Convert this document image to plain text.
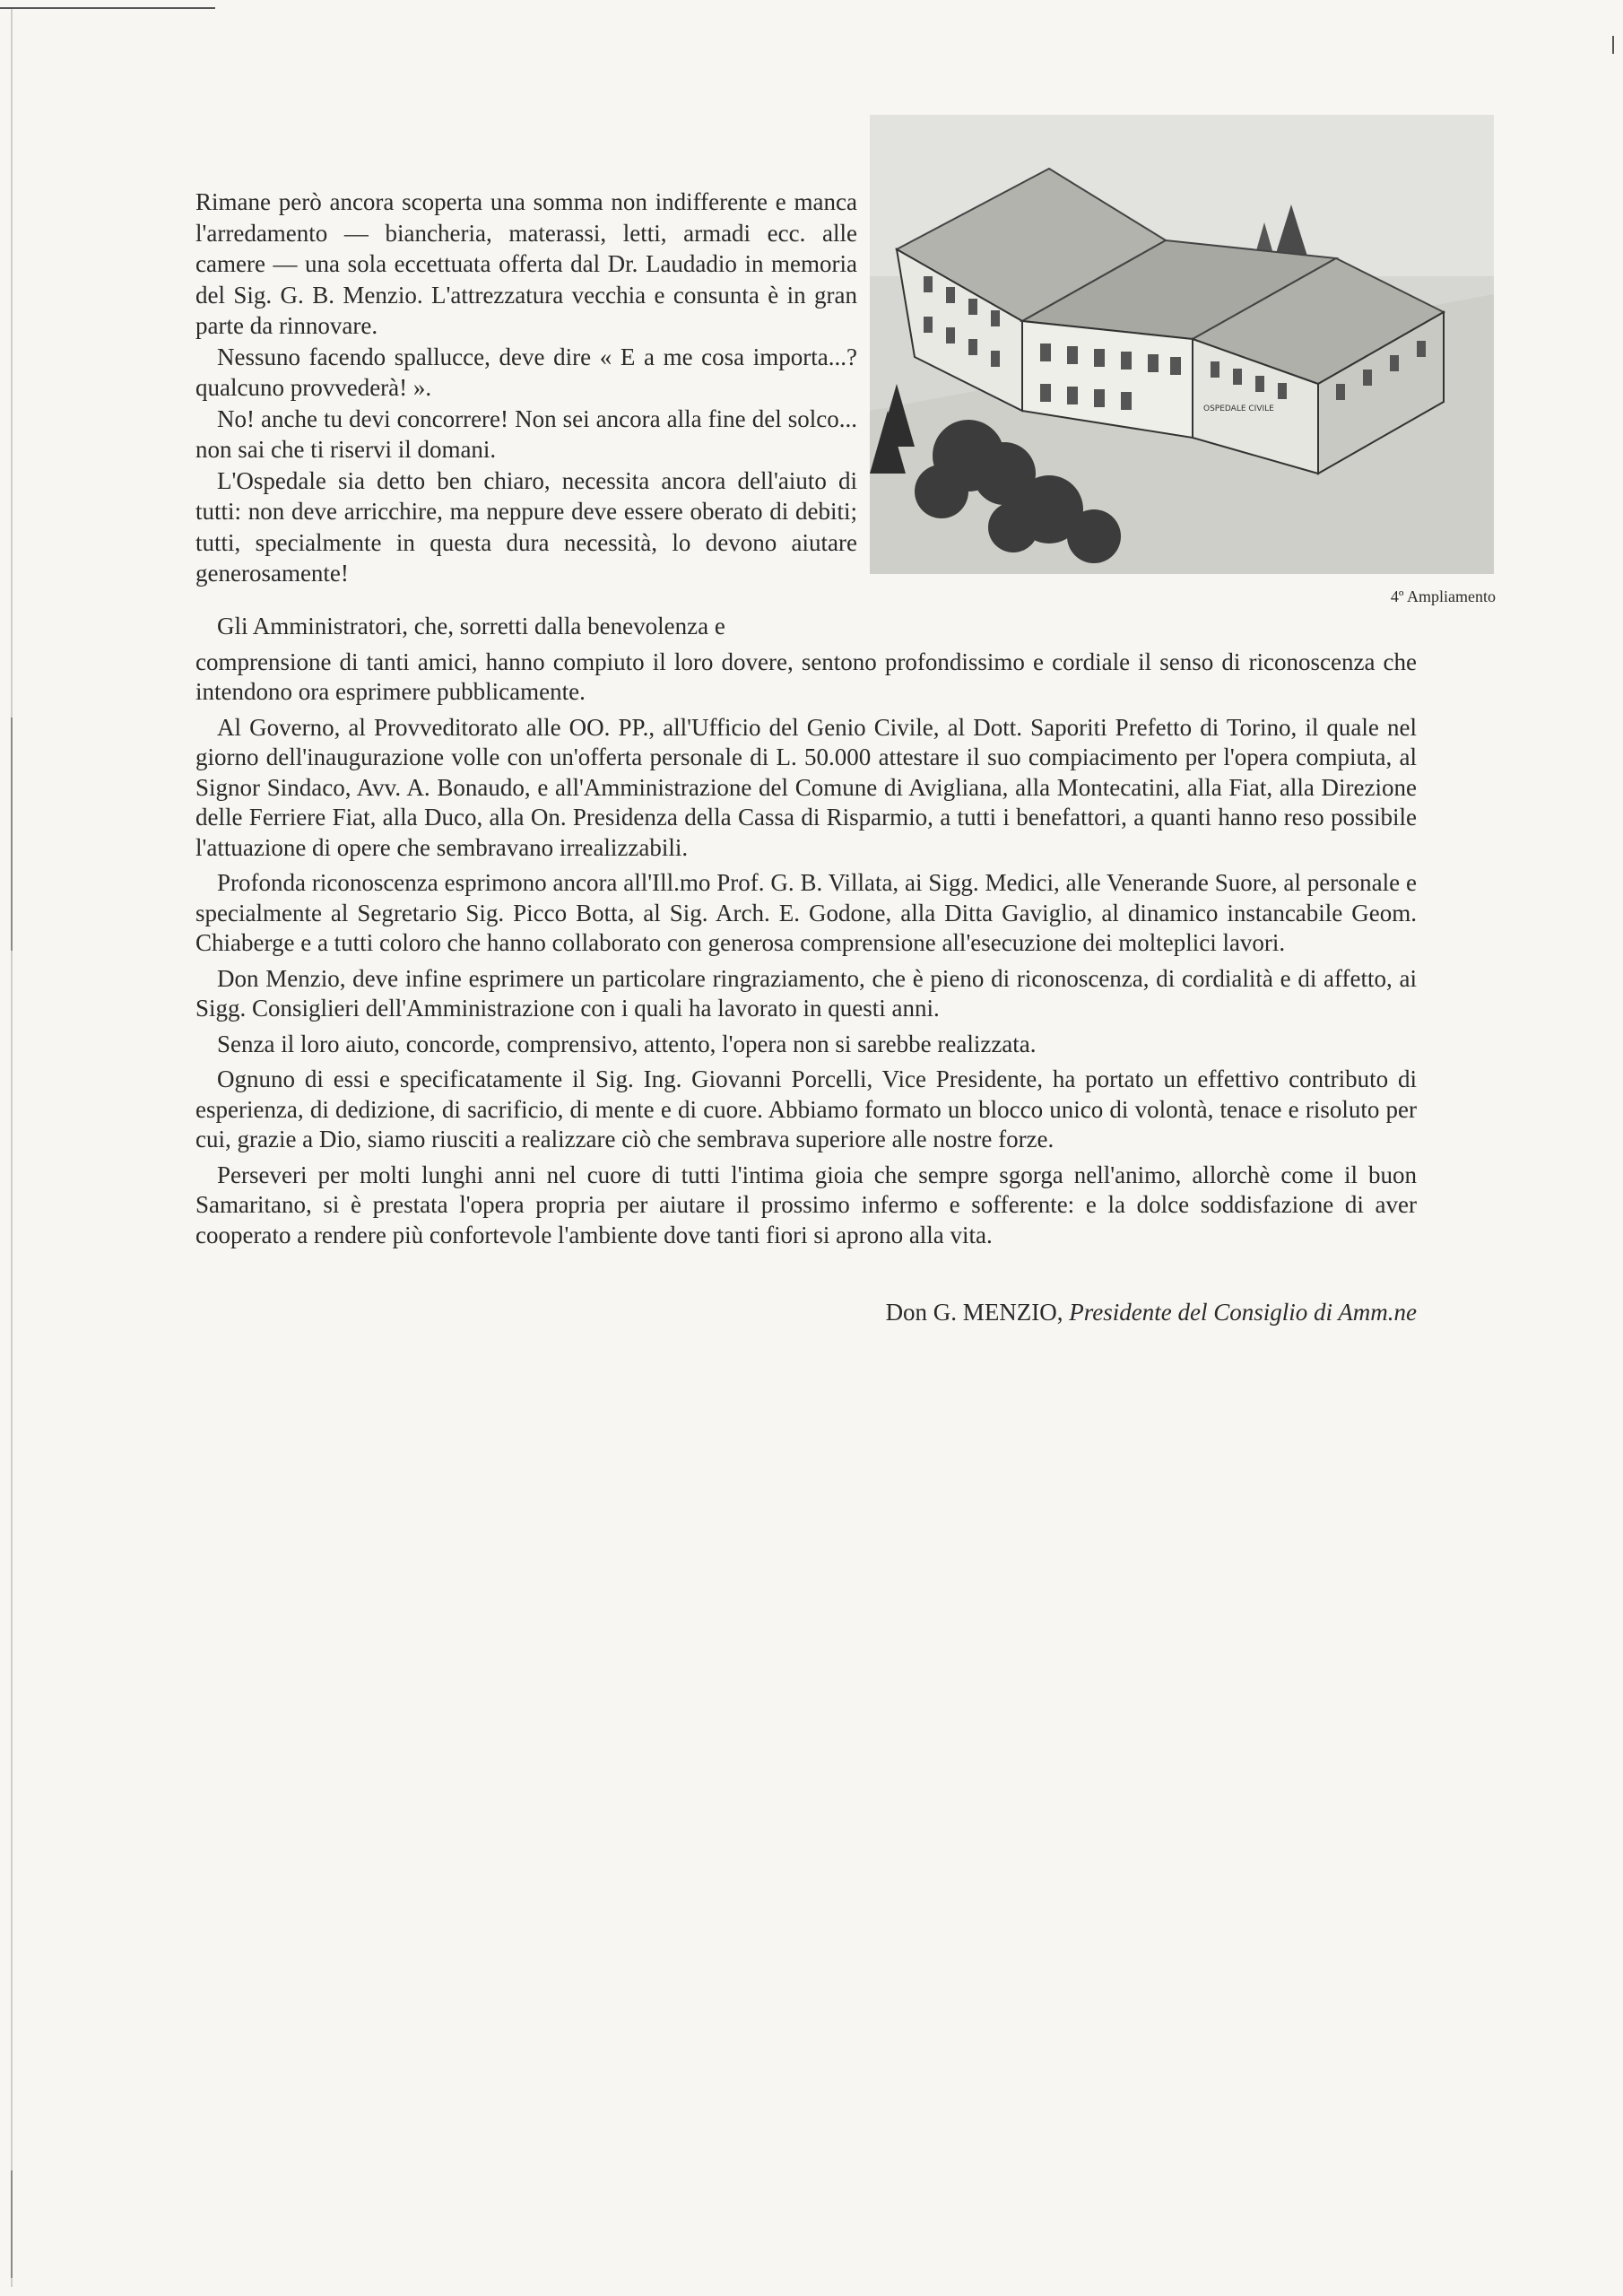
Rimane però ancora scoperta una somma non indifferente e manca l'arredamento — biancheria, materassi, letti, armadi ecc. alle camere — una sola eccettuata offerta dal Dr. Laudadio in memoria del Sig. G. B. Menzio. L'attrezzatura vecchia e consunta è in gran parte da rinnovare.

Nessuno facendo spallucce, deve dire « E a me cosa importa...? qualcuno provvederà! ».

No! anche tu devi concorrere! Non sei ancora alla fine del solco... non sai che ti riservi il domani.

L'Ospedale sia detto ben chiaro, necessita ancora dell'aiuto di tutti: non deve arricchire, ma neppure deve essere oberato di debiti; tutti, specialmente in questa dura necessità, lo devono aiutare generosamente!

OSPEDALE CIVILE
4º Ampliamento

Gli Amministratori, che, sorretti dalla benevolenza e

comprensione di tanti amici, hanno compiuto il loro dovere, sentono profondissimo e cordiale il senso di riconoscenza che intendono ora esprimere pubblicamente.

Al Governo, al Provveditorato alle OO. PP., all'Ufficio del Genio Civile, al Dott. Saporiti Prefetto di Torino, il quale nel giorno dell'inaugurazione volle con un'offerta personale di L. 50.000 attestare il suo compiacimento per l'opera compiuta, al Signor Sindaco, Avv. A. Bonaudo, e all'Amministrazione del Comune di Avigliana, alla Montecatini, alla Fiat, alla Direzione delle Ferriere Fiat, alla Duco, alla On. Presidenza della Cassa di Risparmio, a tutti i benefattori, a quanti hanno reso possibile l'attuazione di opere che sembravano irrealizzabili.

Profonda riconoscenza esprimono ancora all'Ill.mo Prof. G. B. Villata, ai Sigg. Medici, alle Venerande Suore, al personale e specialmente al Segretario Sig. Picco Botta, al Sig. Arch. E. Godone, alla Ditta Gaviglio, al dinamico instancabile Geom. Chiaberge e a tutti coloro che hanno collaborato con generosa comprensione all'esecuzione dei molteplici lavori.

Don Menzio, deve infine esprimere un particolare ringraziamento, che è pieno di riconoscenza, di cordialità e di affetto, ai Sigg. Consiglieri dell'Amministrazione con i quali ha lavorato in questi anni.

Senza il loro aiuto, concorde, comprensivo, attento, l'opera non si sarebbe realizzata.

Ognuno di essi e specificatamente il Sig. Ing. Giovanni Porcelli, Vice Presidente, ha portato un effettivo contributo di esperienza, di dedizione, di sacrificio, di mente e di cuore. Abbiamo formato un blocco unico di volontà, tenace e risoluto per cui, grazie a Dio, siamo riusciti a realizzare ciò che sembrava superiore alle nostre forze.

Perseveri per molti lunghi anni nel cuore di tutti l'intima gioia che sempre sgorga nell'animo, allorchè come il buon Samaritano, si è prestata l'opera propria per aiutare il prossimo infermo e sofferente: e la dolce soddisfazione di aver cooperato a rendere più confortevole l'ambiente dove tanti fiori si aprono alla vita.

Don G. MENZIO, Presidente del Consiglio di Amm.ne
